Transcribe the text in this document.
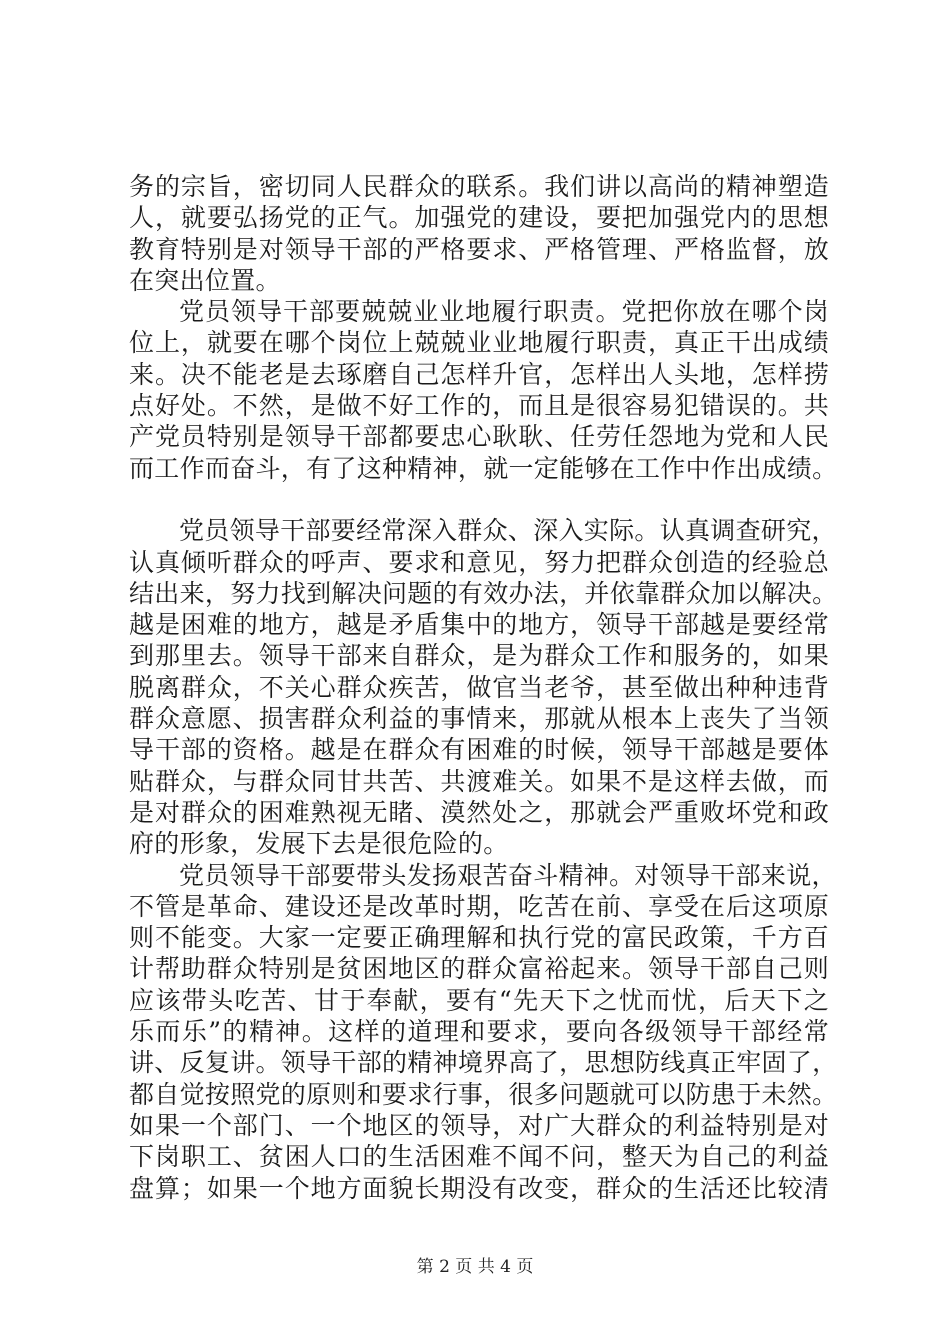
务的宗旨，密切同人民群众的联系。我们讲以高尚的精神塑造
人，就要弘扬党的正气。加强党的建设，要把加强党内的思想
教育特别是对领导干部的严格要求、严格管理、严格监督，放
在突出位置。
党员领导干部要兢兢业业地履行职责。党把你放在哪个岗
位上，就要在哪个岗位上兢兢业业地履行职责，真正干出成绩
来。决不能老是去琢磨自己怎样升官，怎样出人头地，怎样捞
点好处。不然，是做不好工作的，而且是很容易犯错误的。共
产党员特别是领导干部都要忠心耿耿、任劳任怨地为党和人民
而工作而奋斗，有了这种精神，就一定能够在工作中作出成绩。
党员领导干部要经常深入群众、深入实际。认真调查研究，
认真倾听群众的呼声、要求和意见，努力把群众创造的经验总
结出来，努力找到解决问题的有效办法，并依靠群众加以解决。
越是困难的地方，越是矛盾集中的地方，领导干部越是要经常
到那里去。领导干部来自群众，是为群众工作和服务的，如果
脱离群众，不关心群众疾苦，做官当老爷，甚至做出种种违背
群众意愿、损害群众利益的事情来，那就从根本上丧失了当领
导干部的资格。越是在群众有困难的时候，领导干部越是要体
贴群众，与群众同甘共苦、共渡难关。如果不是这样去做，而
是对群众的困难熟视无睹、漠然处之，那就会严重败坏党和政
府的形象，发展下去是很危险的。
党员领导干部要带头发扬艰苦奋斗精神。对领导干部来说，
不管是革命、建设还是改革时期，吃苦在前、享受在后这项原
则不能变。大家一定要正确理解和执行党的富民政策，千方百
计帮助群众特别是贫困地区的群众富裕起来。领导干部自己则
应该带头吃苦、甘于奉献，要有“先天下之忧而忧，后天下之
乐而乐”的精神。这样的道理和要求，要向各级领导干部经常
讲、反复讲。领导干部的精神境界高了，思想防线真正牢固了，
都自觉按照党的原则和要求行事，很多问题就可以防患于未然。
如果一个部门、一个地区的领导，对广大群众的利益特别是对
下岗职工、贫困人口的生活困难不闻不问，整天为自己的利益
盘算；如果一个地方面貌长期没有改变，群众的生活还比较清
第 2 页 共 4 页
